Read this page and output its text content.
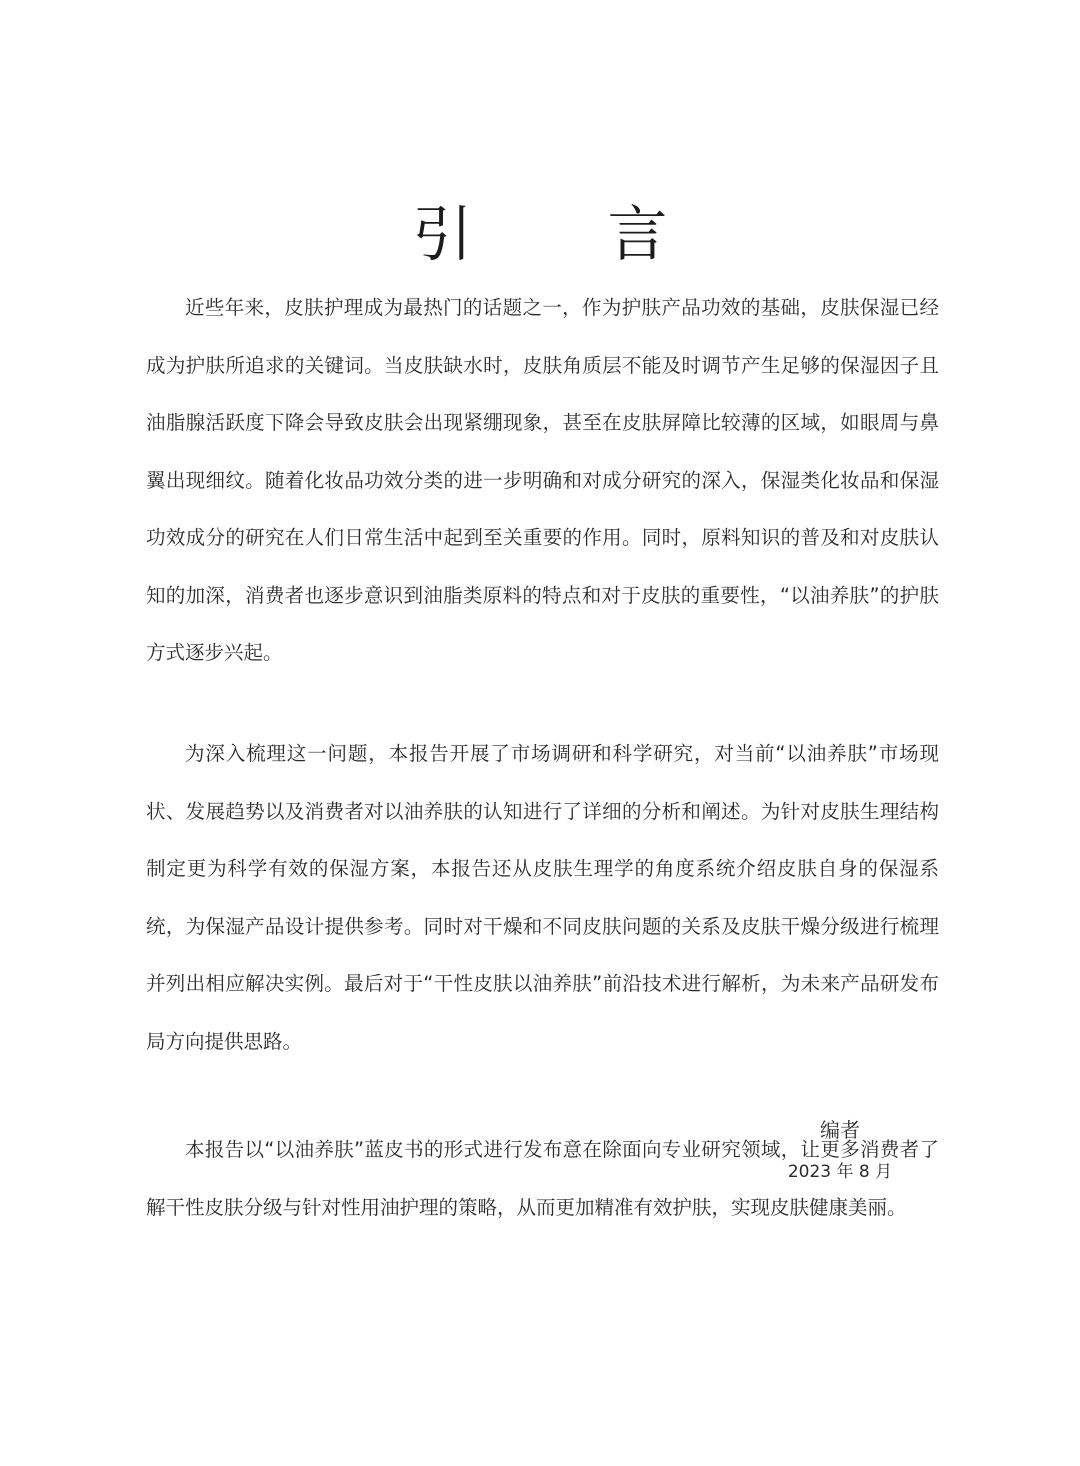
引 言

近些年来，皮肤护理成为最热门的话题之一，作为护肤产品功效的基础，皮肤保湿已经成为护肤所追求的关键词。当皮肤缺水时，皮肤角质层不能及时调节产生足够的保湿因子且油脂腺活跃度下降会导致皮肤会出现紧绷现象，甚至在皮肤屏障比较薄的区域，如眼周与鼻翼出现细纹。随着化妆品功效分类的进一步明确和对成分研究的深入，保湿类化妆品和保湿功效成分的研究在人们日常生活中起到至关重要的作用。同时，原料知识的普及和对皮肤认知的加深，消费者也逐步意识到油脂类原料的特点和对于皮肤的重要性，“以油养肤”的护肤方式逐步兴起。

为深入梳理这一问题，本报告开展了市场调研和科学研究，对当前“以油养肤”市场现状、发展趋势以及消费者对以油养肤的认知进行了详细的分析和阐述。为针对皮肤生理结构制定更为科学有效的保湿方案，本报告还从皮肤生理学的角度系统介绍皮肤自身的保湿系统，为保湿产品设计提供参考。同时对干燥和不同皮肤问题的关系及皮肤干燥分级进行梳理并列出相应解决实例。最后对于“干性皮肤以油养肤”前沿技术进行解析，为未来产品研发布局方向提供思路。

本报告以“以油养肤”蓝皮书的形式进行发布意在除面向专业研究领域，让更多消费者了解干性皮肤分级与针对性用油护理的策略，从而更加精准有效护肤，实现皮肤健康美丽。

编者
2023 年 8 月
